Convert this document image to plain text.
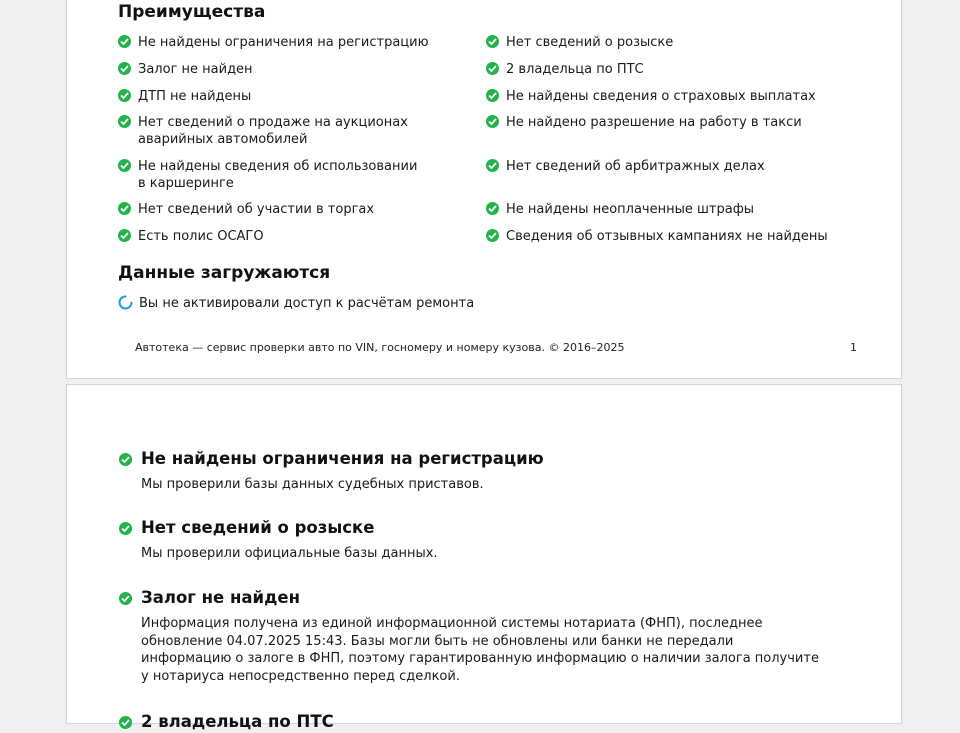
Преимущества
Не найдены ограничения на регистрацию	Нет сведений о розыске
Залог не найден	2 владельца по ПТС
ДТП не найдены	Не найдены сведения о страховых выплатах
Нет сведений о продаже на аукционах аварийных автомобилей
Не найдено разрешение на работу в такси
Не найдены сведения об использовании в каршеринге
Нет сведений об арбитражных делах
Нет сведений об участии в торгах	Не найдены неоплаченные штрафы
Есть полис ОСАГО	Сведения об отзывных кампаниях не найдены
Данные загружаются
Вы не активировали доступ к расчётам ремонта
Автотека — сервис проверки авто по VIN, госномеру и номеру кузова. © 2016–2025	1
Не найдены ограничения на регистрацию

Мы проверили базы данных судебных приставов.

Нет сведений о розыске

Мы проверили официальные базы данных.

Залог не найден

Информация получена из единой информационной системы нотариата (ФНП), последнее обновление 04.07.2025 15:43. Базы могли быть не обновлены или банки не передали информацию о залоге в ФНП, поэтому гарантированную информацию о наличии залога получите у нотариуса непосредственно перед сделкой.

2 владельца по ПТС
